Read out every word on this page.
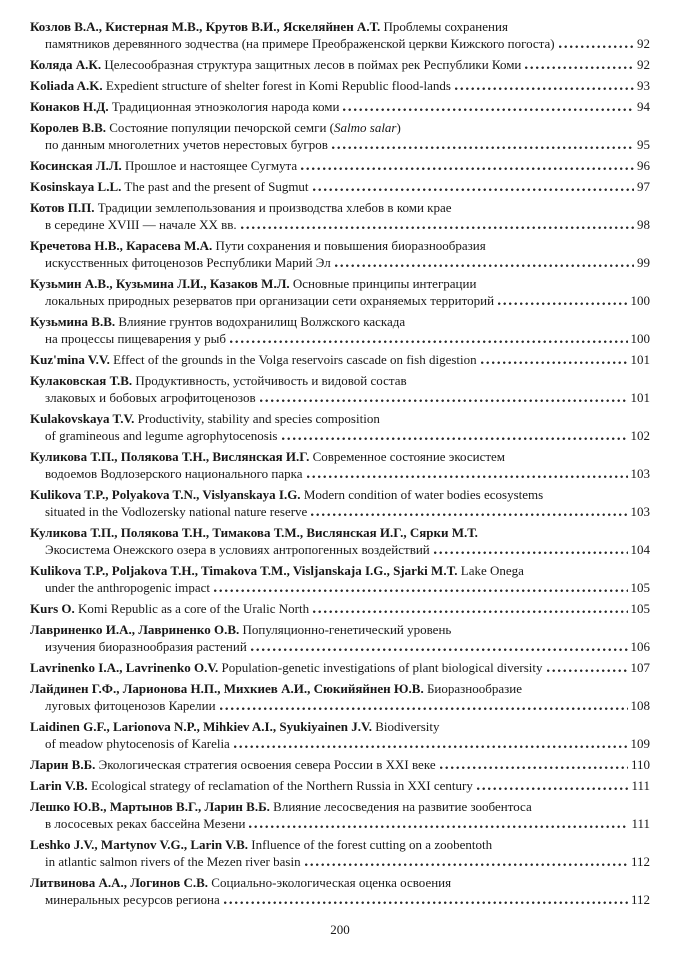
Козлов В.А., Кистерная М.В., Крутов В.И., Яскеляйнен А.Т. Проблемы сохранения
памятников деревянного зодчества (на примере Преображенской церкви Кижского погоста)	92
Коляда А.К. Целесообразная структура защитных лесов в поймах рек Республики Коми	92
Koliada A.K. Expedient structure of shelter forest in Komi Republic flood-lands	93
Конаков Н.Д. Традиционная этноэкология народа коми	94
Королев В.В. Состояние популяции печорской семги (Salmo salar)
по данным многолетних учетов нерестовых бугров	95
Косинская Л.Л. Прошлое и настоящее Сугмута	96
Kosinskaya L.L. The past and the present of Sugmut	97
Котов П.П. Традиции землепользования и производства хлебов в коми крае
в середине XVIII — начале XX вв.	98
Кречетова Н.В., Карасева М.А. Пути сохранения и повышения биоразнообразия
искусственных фитоценозов Республики Марий Эл	99
Кузьмин А.В., Кузьмина Л.И., Казаков М.Л. Основные принципы интеграции
локальных природных резерватов при организации сети охраняемых территорий	100
Кузьмина В.В. Влияние грунтов водохранилищ Волжского каскада
на процессы пищеварения у рыб	100
Kuz'mina V.V. Effect of the grounds in the Volga reservoirs cascade on fish digestion	101
Кулаковская Т.В. Продуктивность, устойчивость и видовой состав
злаковых и бобовых агрофитоценозов	101
Kulakovskaya T.V. Productivity, stability and species composition
of gramineous and legume agrophytocenosis	102
Куликова Т.П., Полякова Т.Н., Вислянская И.Г. Современное состояние экосистем
водоемов Водлозерского национального парка	103
Kulikova T.P., Polyakova T.N., Vislyanskaya I.G. Modern condition of water bodies ecosystems
situated in the Vodlozersky national nature reserve	103
Куликова Т.П., Полякова Т.Н., Тимакова Т.М., Вислянская И.Г., Сярки М.Т.
Экосистема Онежского озера в условиях антропогенных воздействий	104
Kulikova T.P., Poljakova T.H., Timakova T.M., Visljanskaja I.G., Sjarki M.T. Lake Onega
under the anthropogenic impact	105
Kurs O. Komi Republic as a core of the Uralic North	105
Лавриненко И.А., Лавриненко О.В. Популяционно-генетический уровень
изучения биоразнообразия растений	106
Lavrinenko I.A., Lavrinenko O.V. Population-genetic investigations of plant biological diversity	107
Лайдинен Г.Ф., Ларионова Н.П., Михкиев А.И., Сюкийяйнен Ю.В. Биоразнообразие
луговых фитоценозов Карелии	108
Laidinen G.F., Larionova N.P., Mihkiev A.I., Syukiyainen J.V. Biodiversity
of meadow phytocenosis of Karelia	109
Ларин В.Б. Экологическая стратегия освоения севера России в XXI веке	110
Larin V.B. Ecological strategy of reclamation of the Northern Russia in XXI century	111
Лешко Ю.В., Мартынов В.Г., Ларин В.Б. Влияние лесосведения на развитие зообентоса
в лососевых реках бассейна Мезени	111
Leshko J.V., Martynov V.G., Larin V.B. Influence of the forest cutting on a zoobentoth
in atlantic salmon rivers of the Mezen river basin	112
Литвинова А.А., Логинов С.В. Социально-экологическая оценка освоения
минеральных ресурсов региона	112
200
